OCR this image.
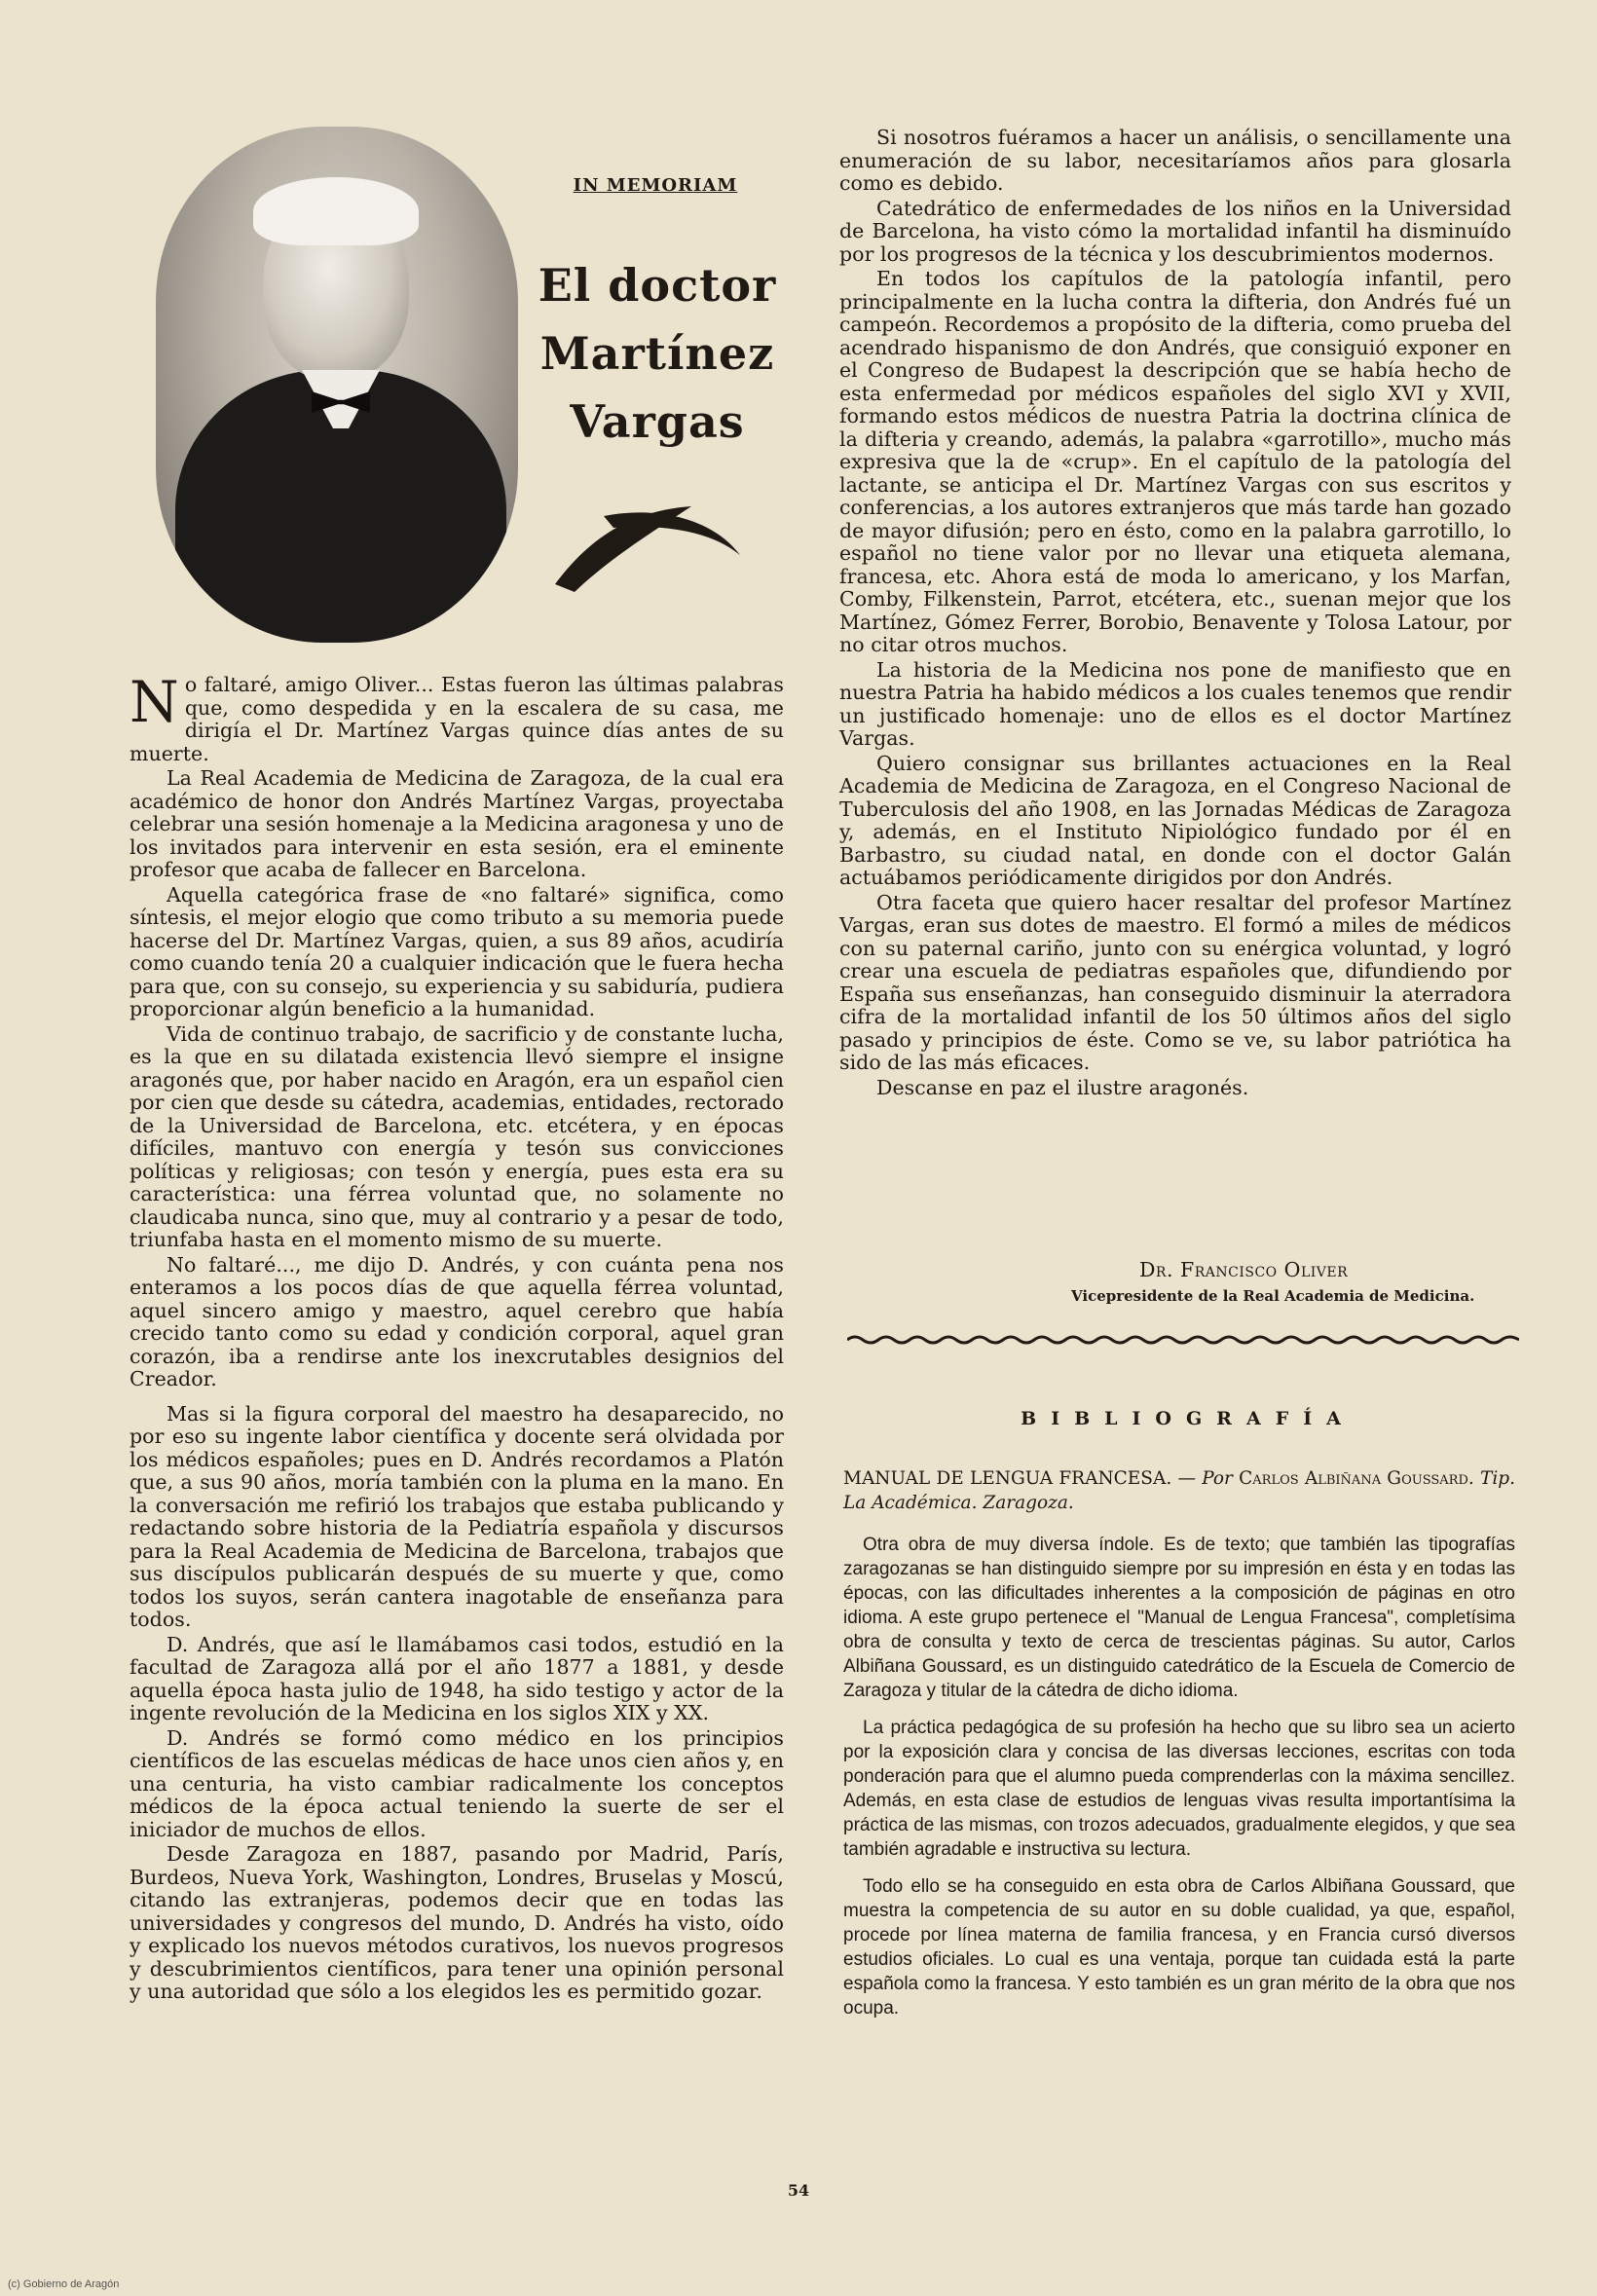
IN MEMORIAM
El doctor
Martínez
Vargas

No faltaré, amigo Oliver... Estas fueron las últimas palabras que, como despedida y en la escalera de su casa, me dirigía el Dr. Martínez Vargas quince días antes de su muerte.

La Real Academia de Medicina de Zaragoza, de la cual era académico de honor don Andrés Martínez Vargas, proyectaba celebrar una sesión homenaje a la Medicina aragonesa y uno de los invitados para intervenir en esta sesión, era el eminente profesor que acaba de fallecer en Barcelona.

Aquella categórica frase de «no faltaré» significa, como síntesis, el mejor elogio que como tributo a su memoria puede hacerse del Dr. Martínez Vargas, quien, a sus 89 años, acudiría como cuando tenía 20 a cualquier indicación que le fuera hecha para que, con su consejo, su experiencia y su sabiduría, pudiera proporcionar algún beneficio a la humanidad.

Vida de continuo trabajo, de sacrificio y de constante lucha, es la que en su dilatada existencia llevó siempre el insigne aragonés que, por haber nacido en Aragón, era un español cien por cien que desde su cátedra, academias, entidades, rectorado de la Universidad de Barcelona, etc. etcétera, y en épocas difíciles, mantuvo con energía y tesón sus convicciones políticas y religiosas; con tesón y energía, pues esta era su característica: una férrea voluntad que, no solamente no claudicaba nunca, sino que, muy al contrario y a pesar de todo, triunfaba hasta en el momento mismo de su muerte.

No faltaré..., me dijo D. Andrés, y con cuánta pena nos enteramos a los pocos días de que aquella férrea voluntad, aquel sincero amigo y maestro, aquel cerebro que había crecido tanto como su edad y condición corporal, aquel gran corazón, iba a rendirse ante los inexcrutables designios del Creador.

Mas si la figura corporal del maestro ha desaparecido, no por eso su ingente labor científica y docente será olvidada por los médicos españoles; pues en D. Andrés recordamos a Platón que, a sus 90 años, moría también con la pluma en la mano. En la conversación me refirió los trabajos que estaba publicando y redactando sobre historia de la Pediatría española y discursos para la Real Academia de Medicina de Barcelona, trabajos que sus discípulos publicarán después de su muerte y que, como todos los suyos, serán cantera inagotable de enseñanza para todos.

D. Andrés, que así le llamábamos casi todos, estudió en la facultad de Zaragoza allá por el año 1877 a 1881, y desde aquella época hasta julio de 1948, ha sido testigo y actor de la ingente revolución de la Medicina en los siglos XIX y XX.

D. Andrés se formó como médico en los principios científicos de las escuelas médicas de hace unos cien años y, en una centuria, ha visto cambiar radicalmente los conceptos médicos de la época actual teniendo la suerte de ser el iniciador de muchos de ellos.

Desde Zaragoza en 1887, pasando por Madrid, París, Burdeos, Nueva York, Washington, Londres, Bruselas y Moscú, citando las extranjeras, podemos decir que en todas las universidades y congresos del mundo, D. Andrés ha visto, oído y explicado los nuevos métodos curativos, los nuevos progresos y descubrimientos científicos, para tener una opinión personal y una autoridad que sólo a los elegidos les es permitido gozar.

Si nosotros fuéramos a hacer un análisis, o sencillamente una enumeración de su labor, necesitaríamos años para glosarla como es debido.

Catedrático de enfermedades de los niños en la Universidad de Barcelona, ha visto cómo la mortalidad infantil ha disminuído por los progresos de la técnica y los descubrimientos modernos.

En todos los capítulos de la patología infantil, pero principalmente en la lucha contra la difteria, don Andrés fué un campeón. Recordemos a propósito de la difteria, como prueba del acendrado hispanismo de don Andrés, que consiguió exponer en el Congreso de Budapest la descripción que se había hecho de esta enfermedad por médicos españoles del siglo XVI y XVII, formando estos médicos de nuestra Patria la doctrina clínica de la difteria y creando, además, la palabra «garrotillo», mucho más expresiva que la de «crup». En el capítulo de la patología del lactante, se anticipa el Dr. Martínez Vargas con sus escritos y conferencias, a los autores extranjeros que más tarde han gozado de mayor difusión; pero en ésto, como en la palabra garrotillo, lo español no tiene valor por no llevar una etiqueta alemana, francesa, etc. Ahora está de moda lo americano, y los Marfan, Comby, Filkenstein, Parrot, etcétera, etc., suenan mejor que los Martínez, Gómez Ferrer, Borobio, Benavente y Tolosa Latour, por no citar otros muchos.

La historia de la Medicina nos pone de manifiesto que en nuestra Patria ha habido médicos a los cuales tenemos que rendir un justificado homenaje: uno de ellos es el doctor Martínez Vargas.

Quiero consignar sus brillantes actuaciones en la Real Academia de Medicina de Zaragoza, en el Congreso Nacional de Tuberculosis del año 1908, en las Jornadas Médicas de Zaragoza y, además, en el Instituto Nipiológico fundado por él en Barbastro, su ciudad natal, en donde con el doctor Galán actuábamos periódicamente dirigidos por don Andrés.

Otra faceta que quiero hacer resaltar del profesor Martínez Vargas, eran sus dotes de maestro. El formó a miles de médicos con su paternal cariño, junto con su enérgica voluntad, y logró crear una escuela de pediatras españoles que, difundiendo por España sus enseñanzas, han conseguido disminuir la aterradora cifra de la mortalidad infantil de los 50 últimos años del siglo pasado y principios de éste. Como se ve, su labor patriótica ha sido de las más eficaces.

Descanse en paz el ilustre aragonés.

Dr. Francisco Oliver
Vicepresidente de la Real Academia de Medicina.
BIBLIOGRAFÍA
MANUAL DE LENGUA FRANCESA. — Por Carlos Albiñana Goussard. Tip. La Académica. Zaragoza.

Otra obra de muy diversa índole. Es de texto; que también las tipografías zaragozanas se han distinguido siempre por su impresión en ésta y en todas las épocas, con las dificultades inherentes a la composición de páginas en otro idioma. A este grupo pertenece el "Manual de Lengua Francesa", completísima obra de consulta y texto de cerca de trescientas páginas. Su autor, Carlos Albiñana Goussard, es un distinguido catedrático de la Escuela de Comercio de Zaragoza y titular de la cátedra de dicho idioma.

La práctica pedagógica de su profesión ha hecho que su libro sea un acierto por la exposición clara y concisa de las diversas lecciones, escritas con toda ponderación para que el alumno pueda comprenderlas con la máxima sencillez. Además, en esta clase de estudios de lenguas vivas resulta importantísima la práctica de las mismas, con trozos adecuados, gradualmente elegidos, y que sea también agradable e instructiva su lectura.

Todo ello se ha conseguido en esta obra de Carlos Albiñana Goussard, que muestra la competencia de su autor en su doble cualidad, ya que, español, procede por línea materna de familia francesa, y en Francia cursó diversos estudios oficiales. Lo cual es una ventaja, porque tan cuidada está la parte española como la francesa. Y esto también es un gran mérito de la obra que nos ocupa.

54
(c) Gobierno de Aragón
